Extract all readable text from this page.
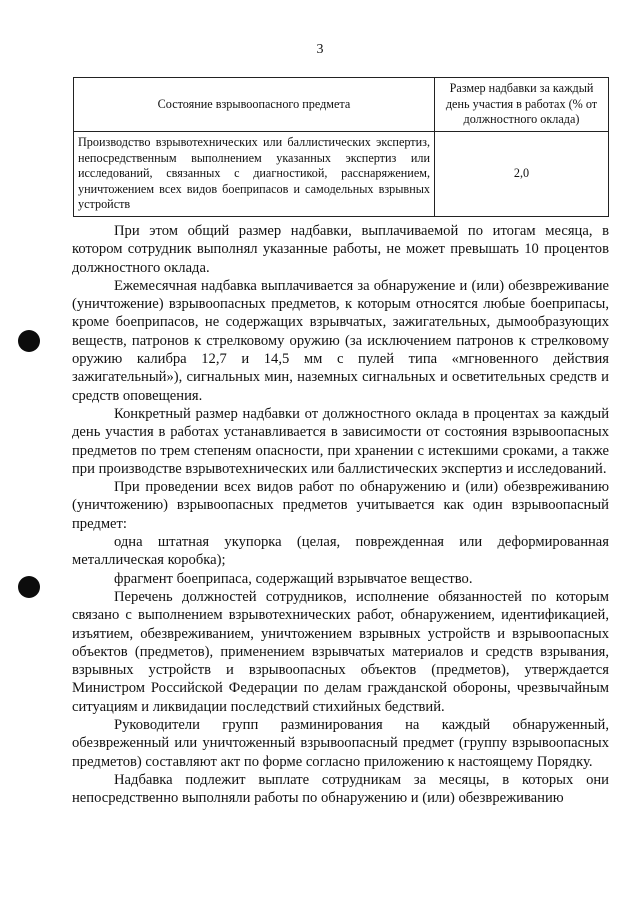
3
Состояние взрывоопасного предмета	Размер надбавки за каждый день участия в работах (% от должностного оклада)
Производство взрывотехнических или баллистических экспертиз, непосредственным выполнением указанных экспертиз или исследований, связанных с диагностикой, расснаряжением, уничтожением всех видов боеприпасов и самодельных взрывных устройств	2,0

При этом общий размер надбавки, выплачиваемой по итогам месяца, в котором сотрудник выполнял указанные работы, не может превышать 10 процентов должностного оклада.

Ежемесячная надбавка выплачивается за обнаружение и (или) обезвреживание (уничтожение) взрывоопасных предметов, к которым относятся любые боеприпасы, кроме боеприпасов, не содержащих взрывчатых, зажигательных, дымообразующих веществ, патронов к стрелковому оружию (за исключением патронов к стрелковому оружию калибра 12,7 и 14,5 мм с пулей типа «мгновенного действия зажигательный»), сигнальных мин, наземных сигнальных и осветительных средств и средств оповещения.

Конкретный размер надбавки от должностного оклада в процентах за каждый день участия в работах устанавливается в зависимости от состояния взрывоопасных предметов по трем степеням опасности, при хранении с истекшими сроками, а также при производстве взрывотехнических или баллистических экспертиз и исследований.

При проведении всех видов работ по обнаружению и (или) обезвреживанию (уничтожению) взрывоопасных предметов учитывается как один взрывоопасный предмет:

одна штатная укупорка (целая, поврежденная или деформированная металлическая коробка);

фрагмент боеприпаса, содержащий взрывчатое вещество.

Перечень должностей сотрудников, исполнение обязанностей по которым связано с выполнением взрывотехнических работ, обнаружением, идентификацией, изъятием, обезвреживанием, уничтожением взрывных устройств и взрывоопасных объектов (предметов), применением взрывчатых материалов и средств взрывания, взрывных устройств и взрывоопасных объектов (предметов), утверждается Министром Российской Федерации по делам гражданской обороны, чрезвычайным ситуациям и ликвидации последствий стихийных бедствий.

Руководители групп разминирования на каждый обнаруженный, обезвреженный или уничтоженный взрывоопасный предмет (группу взрывоопасных предметов) составляют акт по форме согласно приложению к настоящему Порядку.

Надбавка подлежит выплате сотрудникам за месяцы, в которых они непосредственно выполняли работы по обнаружению и (или) обезвреживанию
